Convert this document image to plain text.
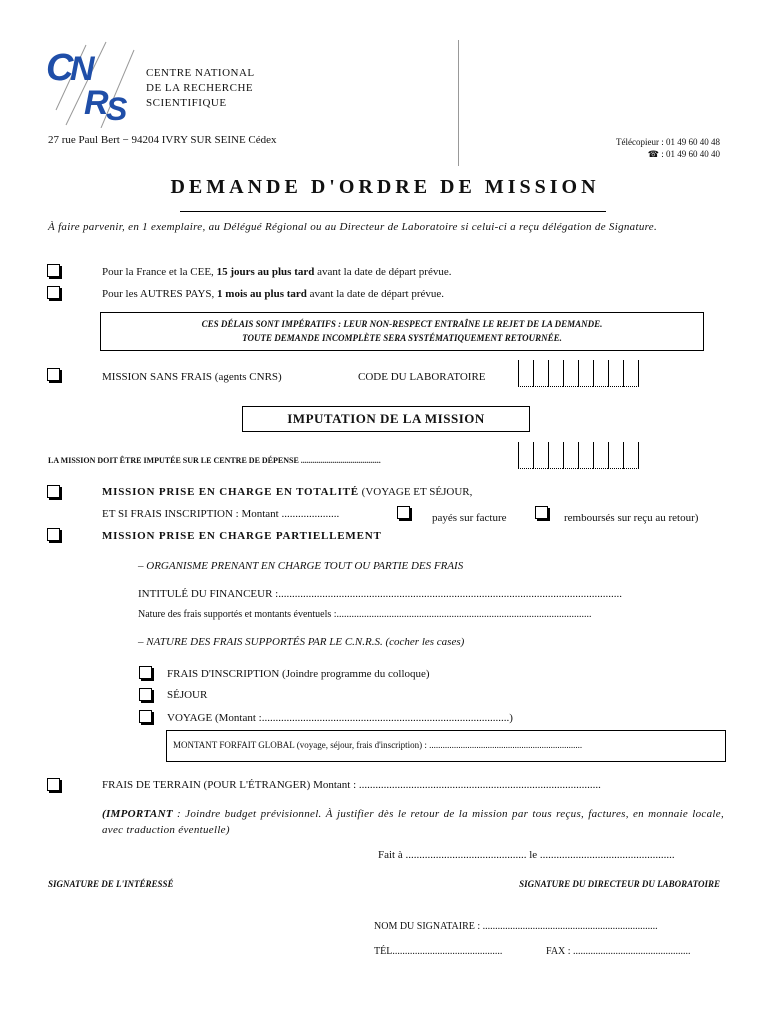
C
N
R
S
CENTRE NATIONAL
DE LA RECHERCHE
SCIENTIFIQUE
27 rue Paul Bert − 94204 IVRY SUR SEINE Cédex	Télécopieur : 01 49 60 40 48
☎ : 01 49 60 40 40
DEMANDE D'ORDRE DE MISSION
À faire parvenir, en 1 exemplaire, au Délégué Régional ou au Directeur de Laboratoire si celui-ci a reçu délégation de Signature.
Pour la France et la CEE, 15 jours au plus tard avant la date de départ prévue.
Pour les AUTRES PAYS, 1 mois au plus tard avant la date de départ prévue.
CES DÉLAIS SONT IMPÉRATIFS : LEUR NON-RESPECT ENTRAÎNE LE REJET DE LA DEMANDE.
TOUTE DEMANDE INCOMPLÈTE SERA SYSTÉMATIQUEMENT RETOURNÉE.
MISSION SANS FRAIS (agents CNRS)	CODE DU LABORATOIRE
IMPUTATION DE LA MISSION
LA MISSION DOIT ÊTRE IMPUTÉE SUR LE CENTRE DE DÉPENSE ........................................
MISSION PRISE EN CHARGE EN TOTALITÉ (VOYAGE ET SÉJOUR,
ET SI FRAIS INSCRIPTION : Montant .....................	payés sur facture	remboursés sur reçu au retour)
MISSION PRISE EN CHARGE PARTIELLEMENT
– ORGANISME PRENANT EN CHARGE TOUT OU PARTIE DES FRAIS
INTITULÉ DU FINANCEUR :.............................................................................................................................
Nature des frais supportés et montants éventuels :......................................................................................................
– NATURE DES FRAIS SUPPORTÉS PAR LE C.N.R.S. (cocher les cases)
FRAIS D'INSCRIPTION (Joindre programme du colloque)
SÉJOUR
VOYAGE (Montant :..........................................................................................)
MONTANT FORFAIT GLOBAL (voyage, séjour, frais d'inscription) : ....................................................................
FRAIS DE TERRAIN (POUR L'ÉTRANGER) Montant : ........................................................................................
(IMPORTANT : Joindre budget prévisionnel. À justifier dès le retour de la mission par tous reçus, factures, en monnaie locale, avec traduction éventuelle)
Fait à ............................................ le .................................................
SIGNATURE DE L'INTÉRESSÉ	SIGNATURE DU DIRECTEUR DU LABORATOIRE
NOM DU SIGNATAIRE : ......................................................................
TÉL............................................	FAX : ...............................................
